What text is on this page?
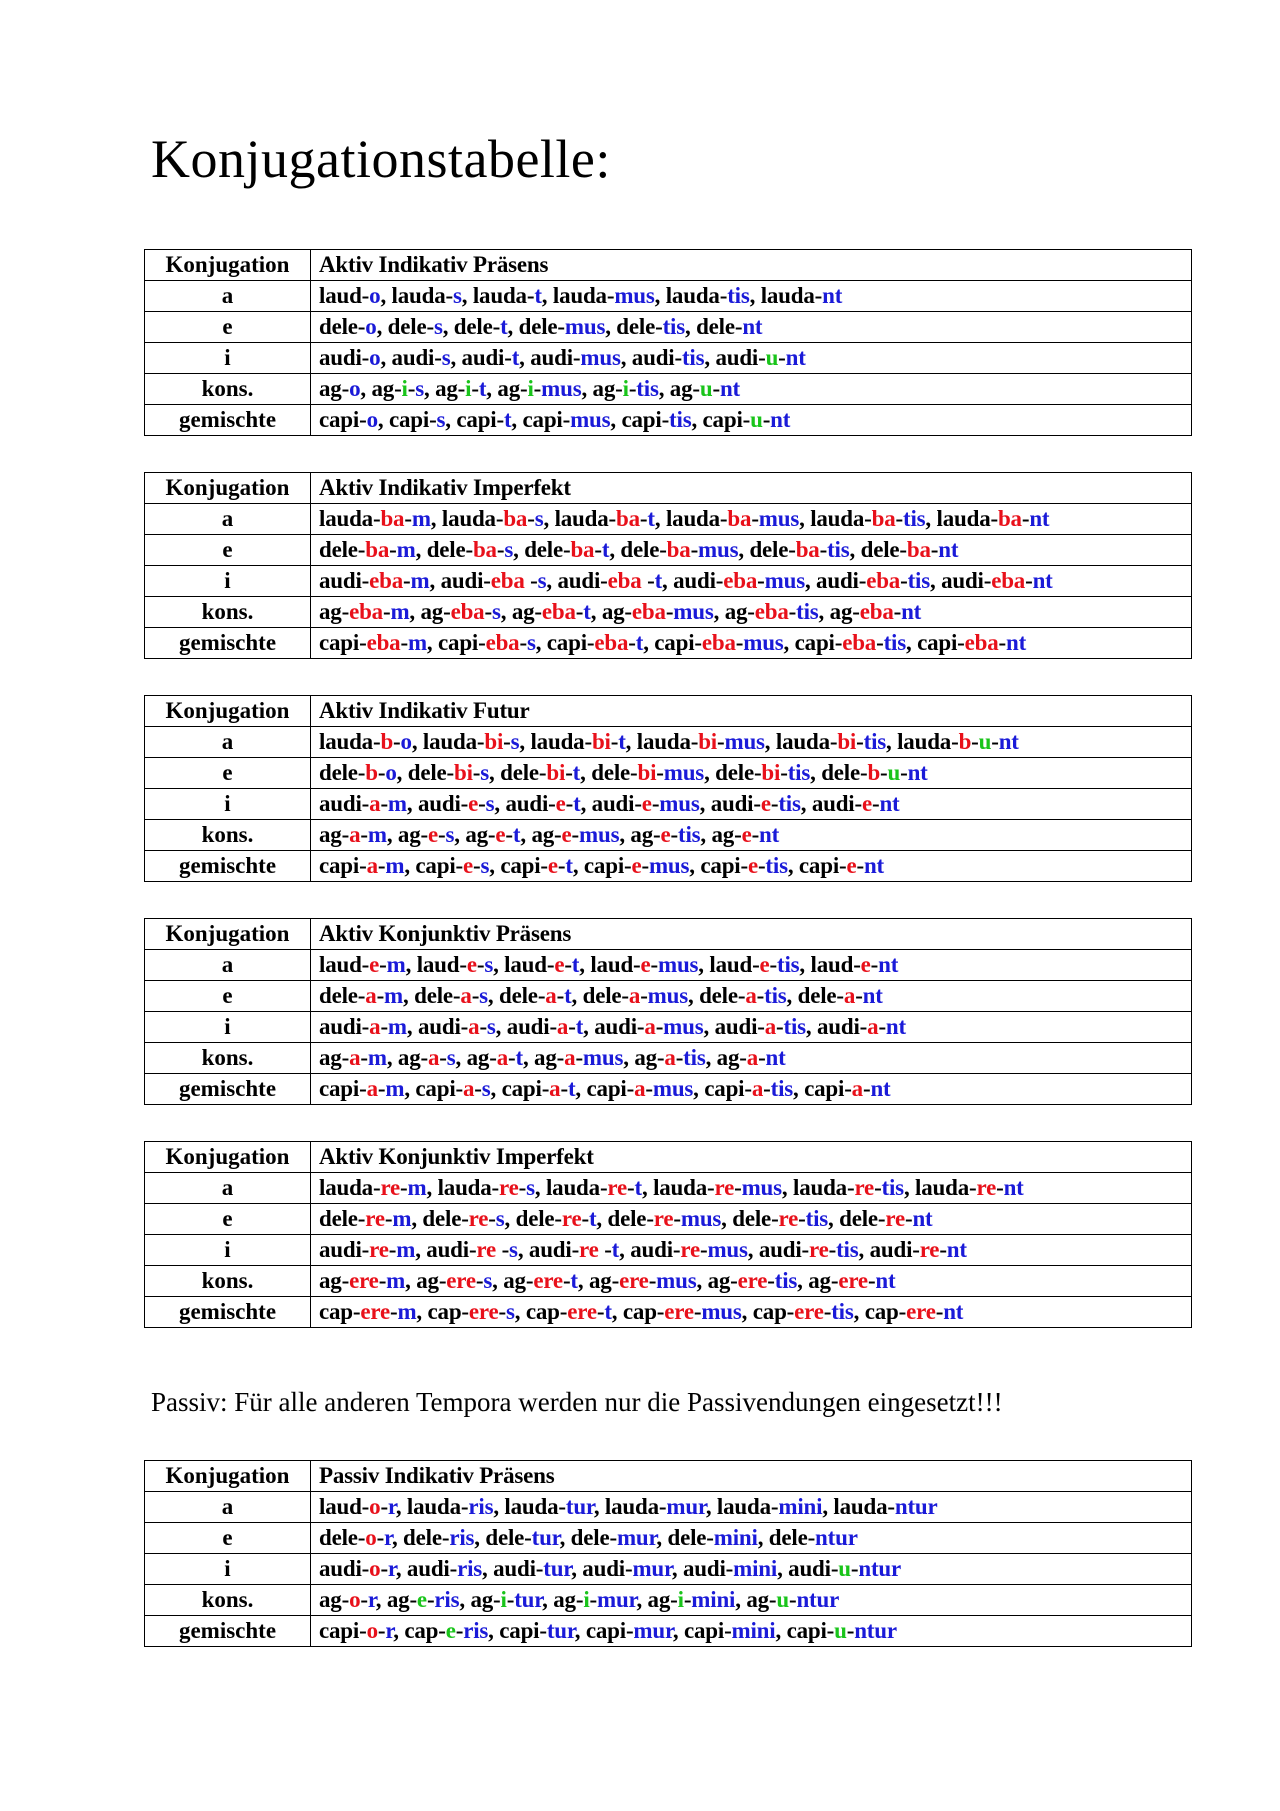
Konjugationstabelle:
Konjugation	Aktiv Indikativ Präsens
a	laud-o, lauda-s, lauda-t, lauda-mus, lauda-tis, lauda-nt
e	dele-o, dele-s, dele-t, dele-mus, dele-tis, dele-nt
i	audi-o, audi-s, audi-t, audi-mus, audi-tis, audi-u-nt
kons.	ag-o, ag-i-s, ag-i-t, ag-i-mus, ag-i-tis, ag-u-nt
gemischte	capi-o, capi-s, capi-t, capi-mus, capi-tis, capi-u-nt
Konjugation	Aktiv Indikativ Imperfekt
a	lauda-ba-m, lauda-ba-s, lauda-ba-t, lauda-ba-mus, lauda-ba-tis, lauda-ba-nt
e	dele-ba-m, dele-ba-s, dele-ba-t, dele-ba-mus, dele-ba-tis, dele-ba-nt
i	audi-eba-m, audi-eba -s, audi-eba -t, audi-eba-mus, audi-eba-tis, audi-eba-nt
kons.	ag-eba-m, ag-eba-s, ag-eba-t, ag-eba-mus, ag-eba-tis, ag-eba-nt
gemischte	capi-eba-m, capi-eba-s, capi-eba-t, capi-eba-mus, capi-eba-tis, capi-eba-nt
Konjugation	Aktiv Indikativ Futur
a	lauda-b-o, lauda-bi-s, lauda-bi-t, lauda-bi-mus, lauda-bi-tis, lauda-b-u-nt
e	dele-b-o, dele-bi-s, dele-bi-t, dele-bi-mus, dele-bi-tis, dele-b-u-nt
i	audi-a-m, audi-e-s, audi-e-t, audi-e-mus, audi-e-tis, audi-e-nt
kons.	ag-a-m, ag-e-s, ag-e-t, ag-e-mus, ag-e-tis, ag-e-nt
gemischte	capi-a-m, capi-e-s, capi-e-t, capi-e-mus, capi-e-tis, capi-e-nt
Konjugation	Aktiv Konjunktiv Präsens
a	laud-e-m, laud-e-s, laud-e-t, laud-e-mus, laud-e-tis, laud-e-nt
e	dele-a-m, dele-a-s, dele-a-t, dele-a-mus, dele-a-tis, dele-a-nt
i	audi-a-m, audi-a-s, audi-a-t, audi-a-mus, audi-a-tis, audi-a-nt
kons.	ag-a-m, ag-a-s, ag-a-t, ag-a-mus, ag-a-tis, ag-a-nt
gemischte	capi-a-m, capi-a-s, capi-a-t, capi-a-mus, capi-a-tis, capi-a-nt
Konjugation	Aktiv Konjunktiv Imperfekt
a	lauda-re-m, lauda-re-s, lauda-re-t, lauda-re-mus, lauda-re-tis, lauda-re-nt
e	dele-re-m, dele-re-s, dele-re-t, dele-re-mus, dele-re-tis, dele-re-nt
i	audi-re-m, audi-re -s, audi-re -t, audi-re-mus, audi-re-tis, audi-re-nt
kons.	ag-ere-m, ag-ere-s, ag-ere-t, ag-ere-mus, ag-ere-tis, ag-ere-nt
gemischte	cap-ere-m, cap-ere-s, cap-ere-t, cap-ere-mus, cap-ere-tis, cap-ere-nt
Konjugation	Passiv Indikativ Präsens
a	laud-o-r, lauda-ris, lauda-tur, lauda-mur, lauda-mini, lauda-ntur
e	dele-o-r, dele-ris, dele-tur, dele-mur, dele-mini, dele-ntur
i	audi-o-r, audi-ris, audi-tur, audi-mur, audi-mini, audi-u-ntur
kons.	ag-o-r, ag-e-ris, ag-i-tur, ag-i-mur, ag-i-mini, ag-u-ntur
gemischte	capi-o-r, cap-e-ris, capi-tur, capi-mur, capi-mini, capi-u-ntur
Passiv: Für alle anderen Tempora werden nur die Passivendungen eingesetzt!!!
